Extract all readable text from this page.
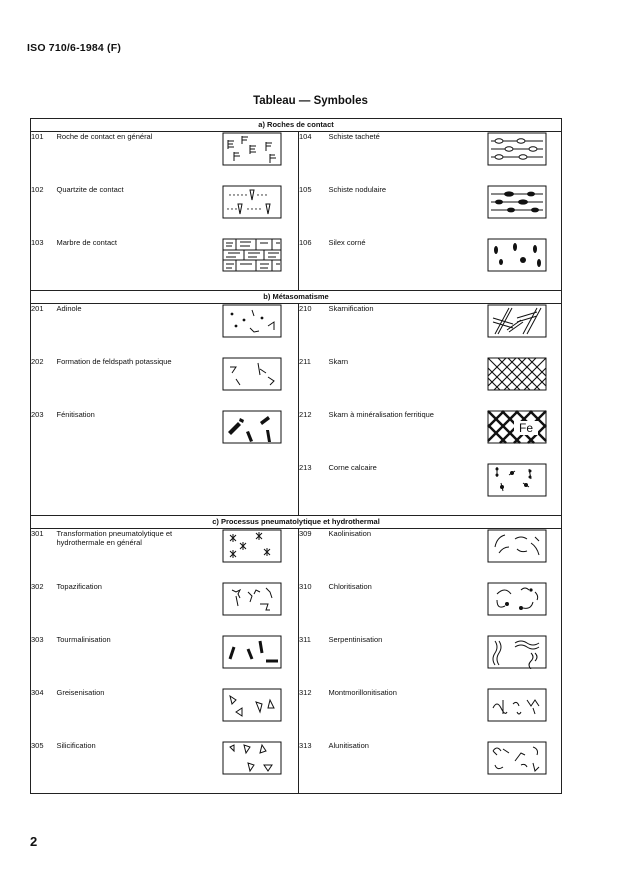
ISO 710/6-1984 (F)
Tableau — Symboles
a) Roches de contact					
101	Roche de contact en général		104	Schiste tacheté	

102	Quartzite de contact		105	Schiste nodulaire	

103	Marbre de contact		106	Silex corné	

b) Métasomatisme					
201	Adinole		210	Skarnification	

202	Formation de feldspath potassique		211	Skarn	

203	Fénitisation		212	Skarn à minéralisation ferritique	Fe

			213	Corne calcaire	

c) Processus pneumatolytique et hydrothermal					
301	Transformation pneumatolytique et hydrothermale en général		309	Kaolinisation	

302	Topazification		310	Chloritisation	

303	Tourmalinisation		311	Serpentinisation	

304	Greisenisation		312	Montmorillonitisation	

305	Silicification		313	Alunitisation	

2
